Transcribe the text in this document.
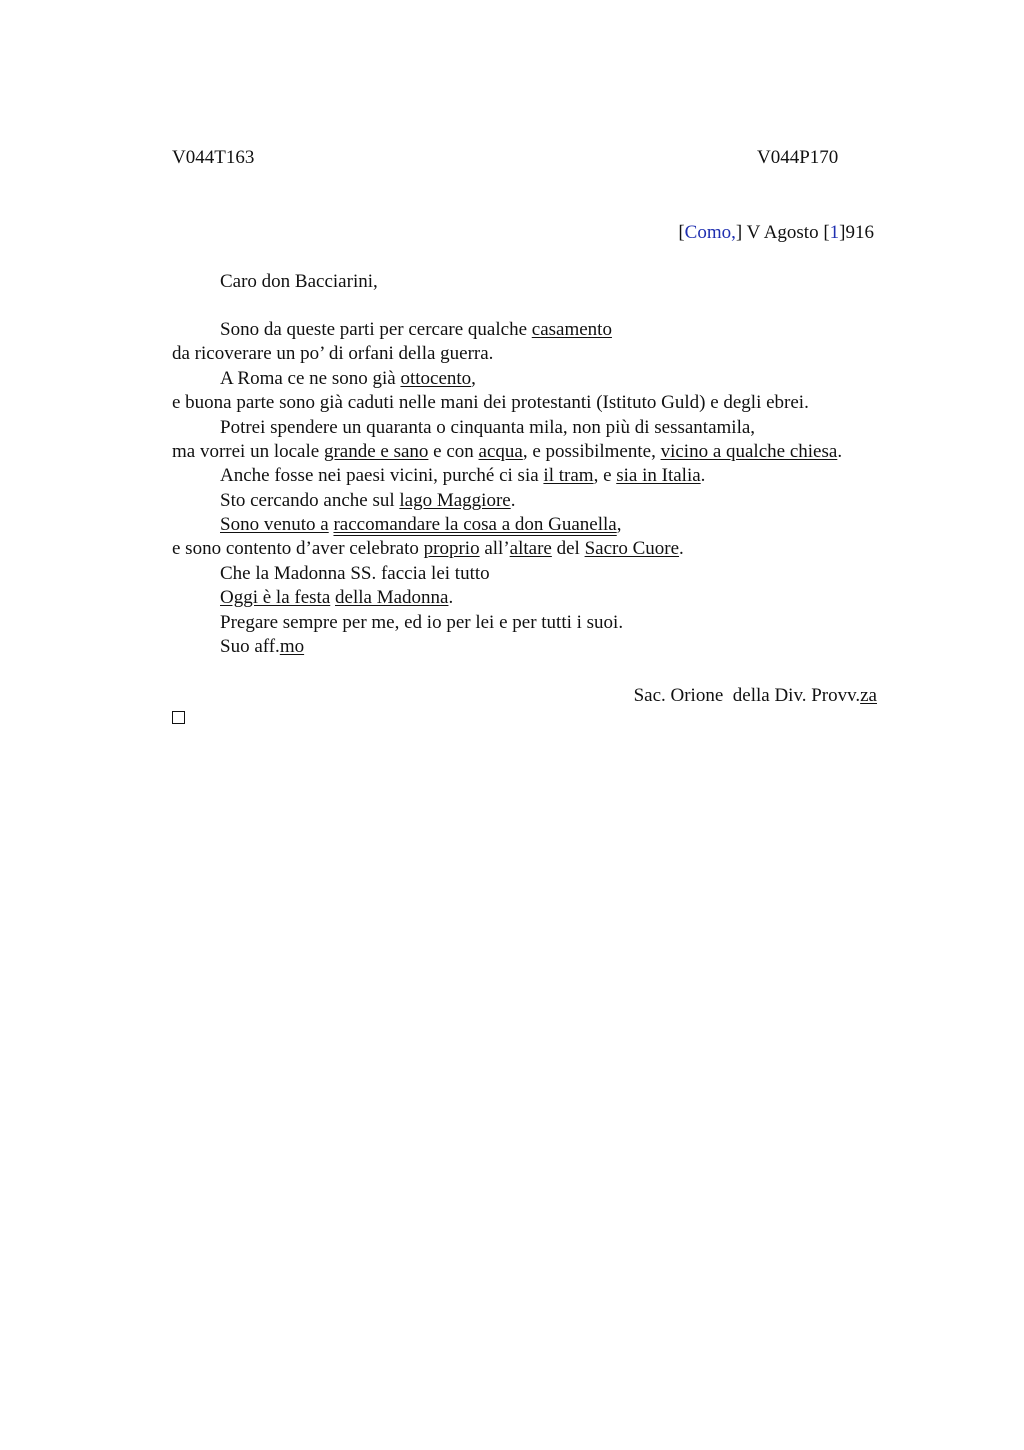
V044T163	V044P170
[Como,] V Agosto [1]916
Caro don Bacciarini,
Sono da queste parti per cercare qualche casamento
da ricoverare un po’ di orfani della guerra.
A Roma ce ne sono già ottocento,
e buona parte sono già caduti nelle mani dei protestanti (Istituto Guld) e degli ebrei.
Potrei spendere un quaranta o cinquanta mila, non più di sessantamila,
ma vorrei un locale grande e sano e con acqua, e possibilmente, vicino a qualche chiesa.
Anche fosse nei paesi vicini, purché ci sia il tram, e sia in Italia.
Sto cercando anche sul lago Maggiore.
Sono venuto a raccomandare la cosa a don Guanella,
e sono contento d’aver celebrato proprio all’altare del Sacro Cuore.
Che la Madonna SS. faccia lei tutto
Oggi è la festa della Madonna.
Pregare sempre per me, ed io per lei e per tutti i suoi.
Suo aff.mo
Sac. Orione  della Div. Provv.za
